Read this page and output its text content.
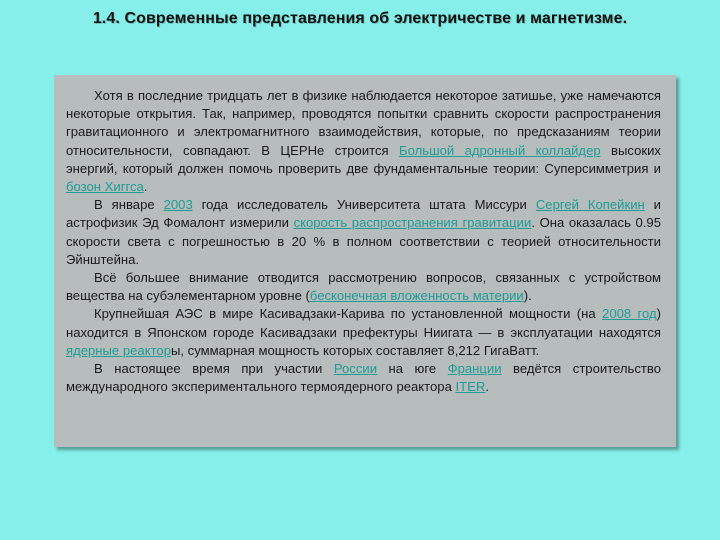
1.4. Современные представления об электричестве и магнетизме.

Хотя в последние тридцать лет в физике наблюдается некоторое затишье, уже намечаются некоторые открытия. Так, например, проводятся попытки сравнить скорости распространения гравитационного и электромагнитного взаимодействия, которые, по предсказаниям теории относительности, совпадают. В ЦЕРНе строится Большой адронный коллайдер высоких энергий, который должен помочь проверить две фундаментальные теории: Суперсимметрия и бозон Хиггса.

В январе 2003 года исследователь Университета штата Миссури Сергей Копейкин и астрофизик Эд Фомалонт измерили скорость распространения гравитации. Она оказалась 0.95 скорости света с погрешностью в 20 % в полном соответствии с теорией относительности Эйнштейна.

Всё большее внимание отводится рассмотрению вопросов, связанных с устройством вещества на субэлементарном уровне (бесконечная вложенность материи).

Крупнейшая АЭС в мире Касивадзаки-Карива по установленной мощности (на 2008 год) находится в Японском городе Касивадзаки префектуры Ниигата — в эксплуатации находятся ядерные реакторы, суммарная мощность которых составляет 8,212 ГигаВатт.

В настоящее время при участии России на юге Франции ведётся строительство международного экспериментального термоядерного реактора ITER.
